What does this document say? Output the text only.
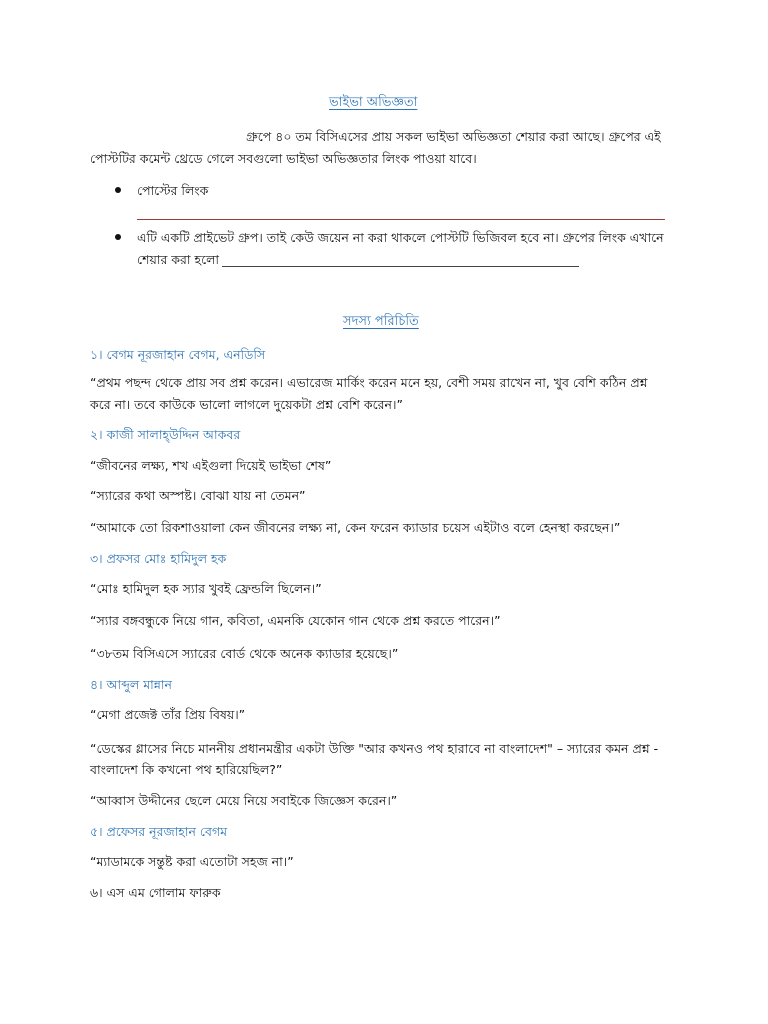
ভাইভা অভিজ্ঞতা
গ্রুপে ৪০ তম বিসিএসের প্রায় সকল ভাইভা অভিজ্ঞতা শেয়ার করা আছে। গ্রুপের এই
পোস্টটির কমেন্ট থ্রেডে গেলে সবগুলো ভাইভা অভিজ্ঞতার লিংক পাওয়া যাবে।
পোস্টের লিংক
এটি একটি প্রাইভেট গ্রুপ। তাই কেউ জয়েন না করা থাকলে পোস্টটি ভিজিবল হবে না। গ্রুপের লিংক এখানে
শেয়ার করা হলো
সদস্য পরিচিতি
১। বেগম নূরজাহান বেগম, এনডিসি
“প্রথম পছন্দ থেকে প্রায় সব প্রশ্ন করেন। এভারেজ মার্কিং করেন মনে হয়, বেশী সময় রাখেন না, খুব বেশি কঠিন প্রশ্ন
করে না। তবে কাউকে ভালো লাগলে দুয়েকটা প্রশ্ন বেশি করেন।”
২। কাজী সালাহ্উদ্দিন আকবর
“জীবনের লক্ষ্য, শখ এইগুলা দিয়েই ভাইভা শেষ”
“স্যারের কথা অস্পষ্ট। বোঝা যায় না তেমন”
“আমাকে তো রিকশাওয়ালা কেন জীবনের লক্ষ্য না, কেন ফরেন ক্যাডার চয়েস এইটাও বলে হেনস্থা করছেন।”
৩। প্রফসর মোঃ হামিদুল হক
“মোঃ হামিদুল হক স্যার খুবই ফ্রেন্ডলি ছিলেন।”
“স্যার বঙ্গবন্ধুকে নিয়ে গান, কবিতা, এমনকি যেকোন গান থেকে প্রশ্ন করতে পারেন।”
“৩৮তম বিসিএসে স্যারের বোর্ড থেকে অনেক ক্যাডার হয়েছে।”
৪। আব্দুল মান্নান
“মেগা প্রজেক্ট তাঁর প্রিয় বিষয়।”
“ডেস্কের গ্লাসের নিচে মাননীয় প্রধানমন্ত্রীর একটা উক্তি "আর কখনও পথ হারাবে না বাংলাদেশ" – স্যারের কমন প্রশ্ন -
বাংলাদেশ কি কখনো পথ হারিয়েছিল?”
“আব্বাস উদ্দীনের ছেলে মেয়ে নিয়ে সবাইকে জিজ্ঞেস করেন।”
৫। প্রফেসর নূরজাহান বেগম
“ম্যাডামকে সন্তুষ্ট করা এতোটা সহজ না।”
৬। এস এম গোলাম ফারুক
